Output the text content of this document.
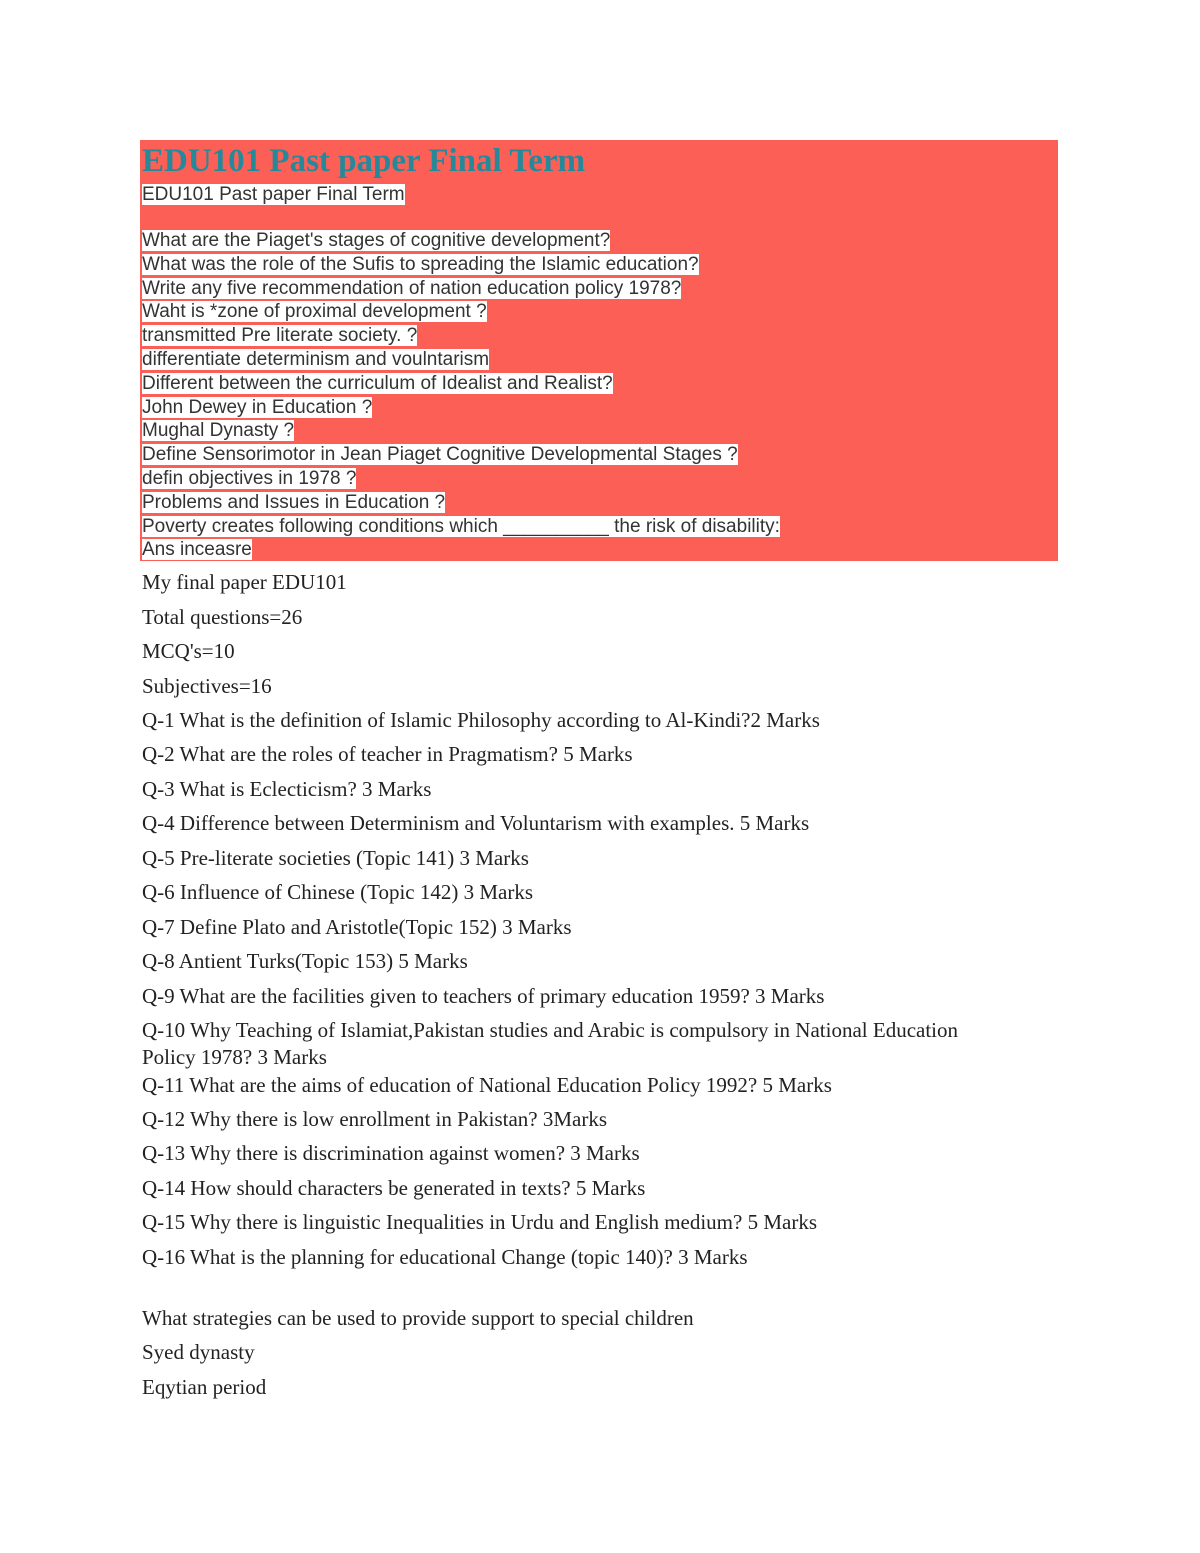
EDU101 Past paper Final Term
EDU101 Past paper Final Term
What are the Piaget's stages of cognitive development?
What was the role of the Sufis to spreading the Islamic education?
Write any five recommendation of nation education policy 1978?
Waht is *zone of proximal development ?
transmitted Pre literate society. ?
differentiate determinism and voulntarism
Different between the curriculum of Idealist and Realist?
John Dewey in Education ?
Mughal Dynasty ?
Define Sensorimotor in Jean Piaget Cognitive Developmental Stages ?
defin objectives in 1978 ?
Problems and Issues in Education ?
Poverty creates following conditions which __________ the risk of disability:
Ans inceasre
My final paper EDU101
Total questions=26
MCQ's=10
Subjectives=16
Q-1 What is the definition of Islamic Philosophy according to Al-Kindi?2 Marks
Q-2 What are the roles of teacher in Pragmatism? 5 Marks
Q-3 What is Eclecticism? 3 Marks
Q-4 Difference between Determinism and Voluntarism with examples. 5 Marks
Q-5 Pre-literate societies (Topic 141) 3 Marks
Q-6 Influence of Chinese (Topic 142) 3 Marks
Q-7 Define Plato and Aristotle(Topic 152) 3 Marks
Q-8 Antient Turks(Topic 153) 5 Marks
Q-9 What are the facilities given to teachers of primary education 1959? 3 Marks
Q-10 Why Teaching of Islamiat,Pakistan studies and Arabic is compulsory in National Education Policy 1978? 3 Marks
Q-11 What are the aims of education of National Education Policy 1992? 5 Marks
Q-12 Why there is low enrollment in Pakistan? 3Marks
Q-13 Why there is discrimination against women? 3 Marks
Q-14 How should characters be generated in texts? 5 Marks
Q-15 Why there is linguistic Inequalities in Urdu and English medium? 5 Marks
Q-16 What is the planning for educational Change (topic 140)? 3 Marks
What strategies can be used to provide support to special children
Syed dynasty
Eqytian period
